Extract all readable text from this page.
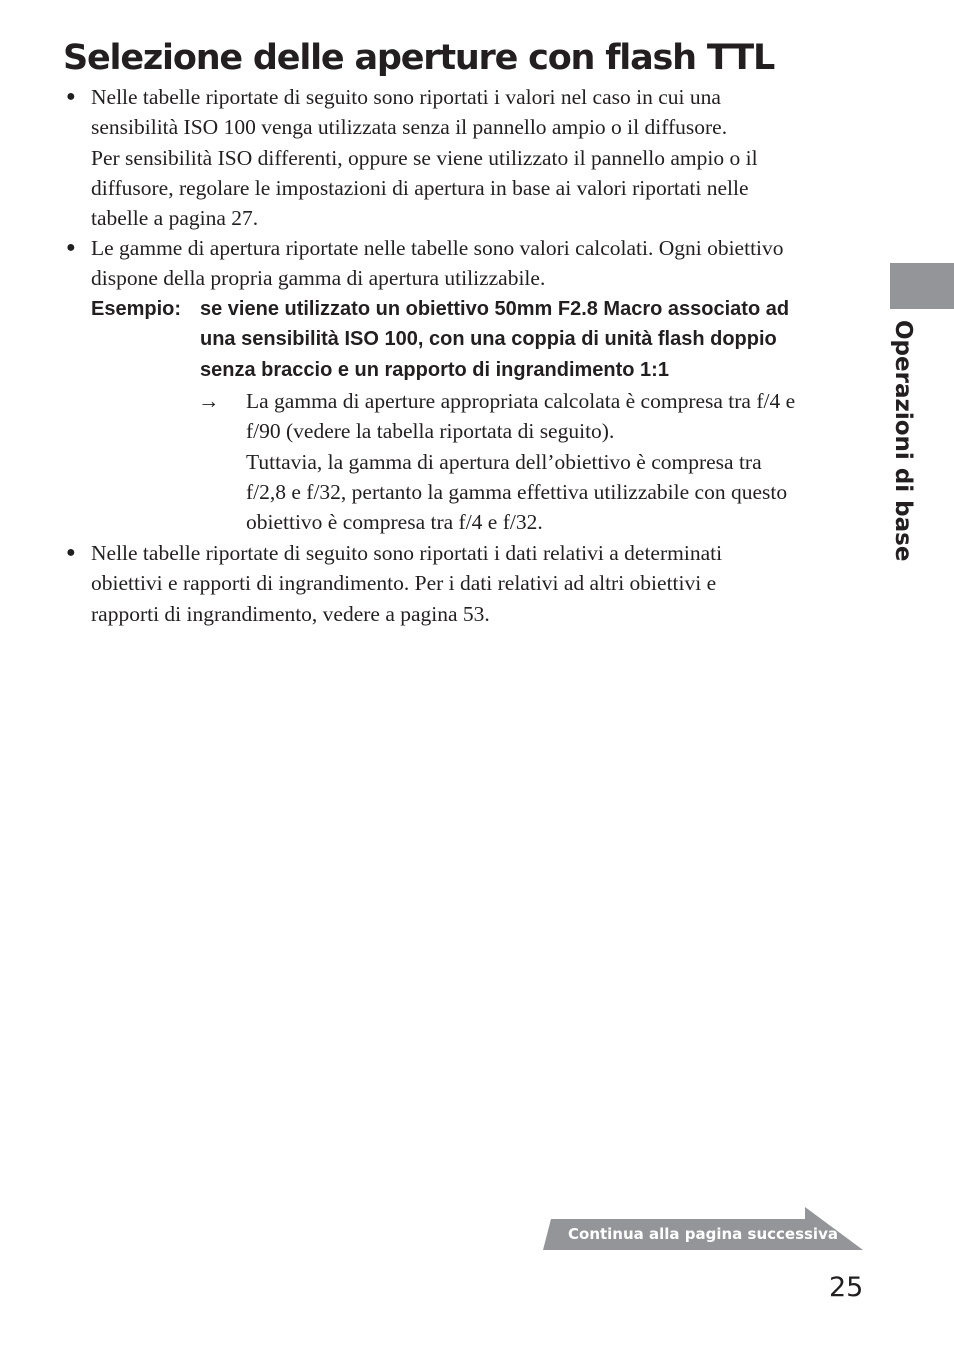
Selezione delle aperture con flash TTL
● Nelle tabelle riportate di seguito sono riportati i valori nel caso in cui una
sensibilità ISO 100 venga utilizzata senza il pannello ampio o il diffusore.
Per sensibilità ISO differenti, oppure se viene utilizzato il pannello ampio o il
diffusore, regolare le impostazioni di apertura in base ai valori riportati nelle
tabelle a pagina 27.
● Le gamme di apertura riportate nelle tabelle sono valori calcolati. Ogni obiettivo
dispone della propria gamma di apertura utilizzabile.
Esempio: se viene utilizzato un obiettivo 50mm F2.8 Macro associato ad
una sensibilità ISO 100, con una coppia di unità flash doppio
senza braccio e un rapporto di ingrandimento 1:1
→ La gamma di aperture appropriata calcolata è compresa tra f/4 e
f/90 (vedere la tabella riportata di seguito).
Tuttavia, la gamma di apertura dell’obiettivo è compresa tra
f/2,8 e f/32, pertanto la gamma effettiva utilizzabile con questo
obiettivo è compresa tra f/4 e f/32.
● Nelle tabelle riportate di seguito sono riportati i dati relativi a determinati
obiettivi e rapporti di ingrandimento. Per i dati relativi ad altri obiettivi e
rapporti di ingrandimento, vedere a pagina 53.
Operazioni di base
Continua alla pagina successiva
25
